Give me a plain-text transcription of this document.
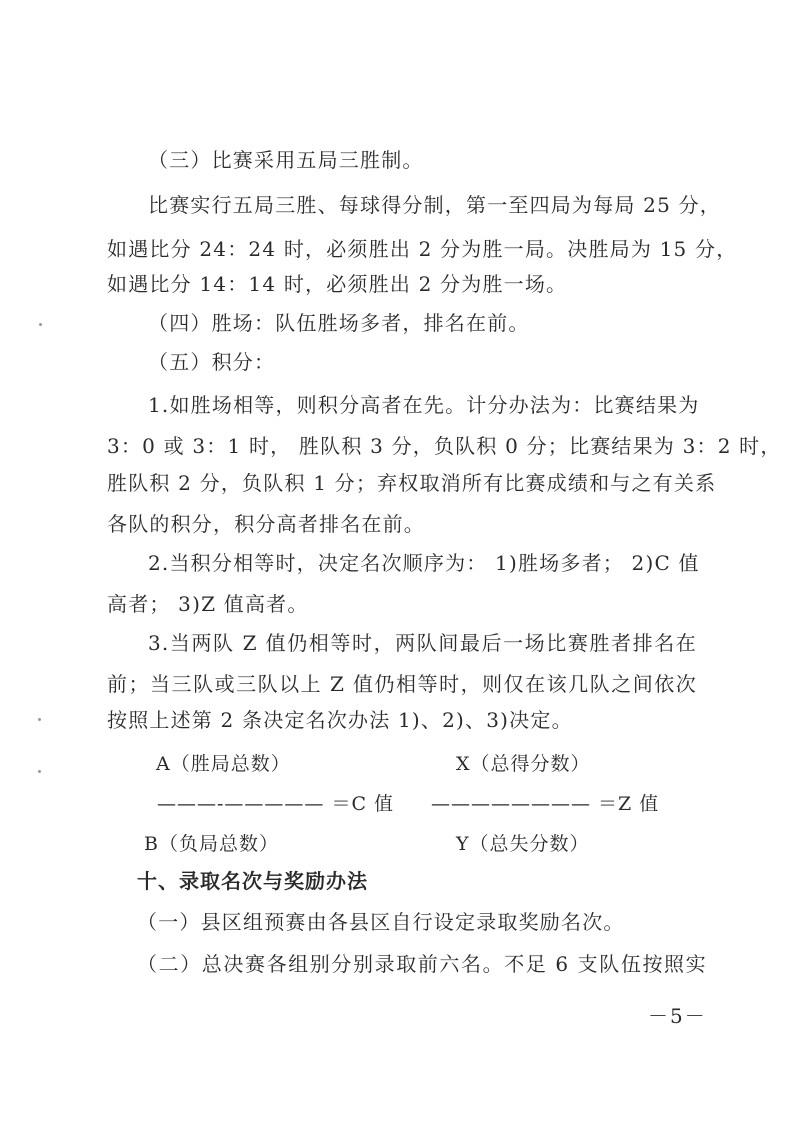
（三）比赛采用五局三胜制。
比赛实行五局三胜、每球得分制，第一至四局为每局 25 分，
如遇比分 24：24 时，必须胜出 2 分为胜一局。决胜局为 15 分，
如遇比分 14：14 时，必须胜出 2 分为胜一场。
（四）胜场：队伍胜场多者，排名在前。
（五）积分：
1.如胜场相等，则积分高者在先。计分办法为：比赛结果为
3：0 或 3：1 时， 胜队积 3 分，负队积 0 分；比赛结果为 3：2 时，
胜队积 2 分，负队积 1 分；弃权取消所有比赛成绩和与之有关系
各队的积分，积分高者排名在前。
2.当积分相等时，决定名次顺序为： 1)胜场多者； 2)C 值
高者； 3)Z 值高者。
3.当两队 Z 值仍相等时，两队间最后一场比赛胜者排名在
前；当三队或三队以上 Z 值仍相等时，则仅在该几队之间依次
按照上述第 2 条决定名次办法 1)、2)、3)决定。
A（胜局总数）
———-————— ＝C 值
B（负局总数）
X（总得分数）
———————— ＝Z 值
Y（总失分数）
十、录取名次与奖励办法
（一）县区组预赛由各县区自行设定录取奖励名次。
（二）总决赛各组别分别录取前六名。不足 6 支队伍按照实
－5－
